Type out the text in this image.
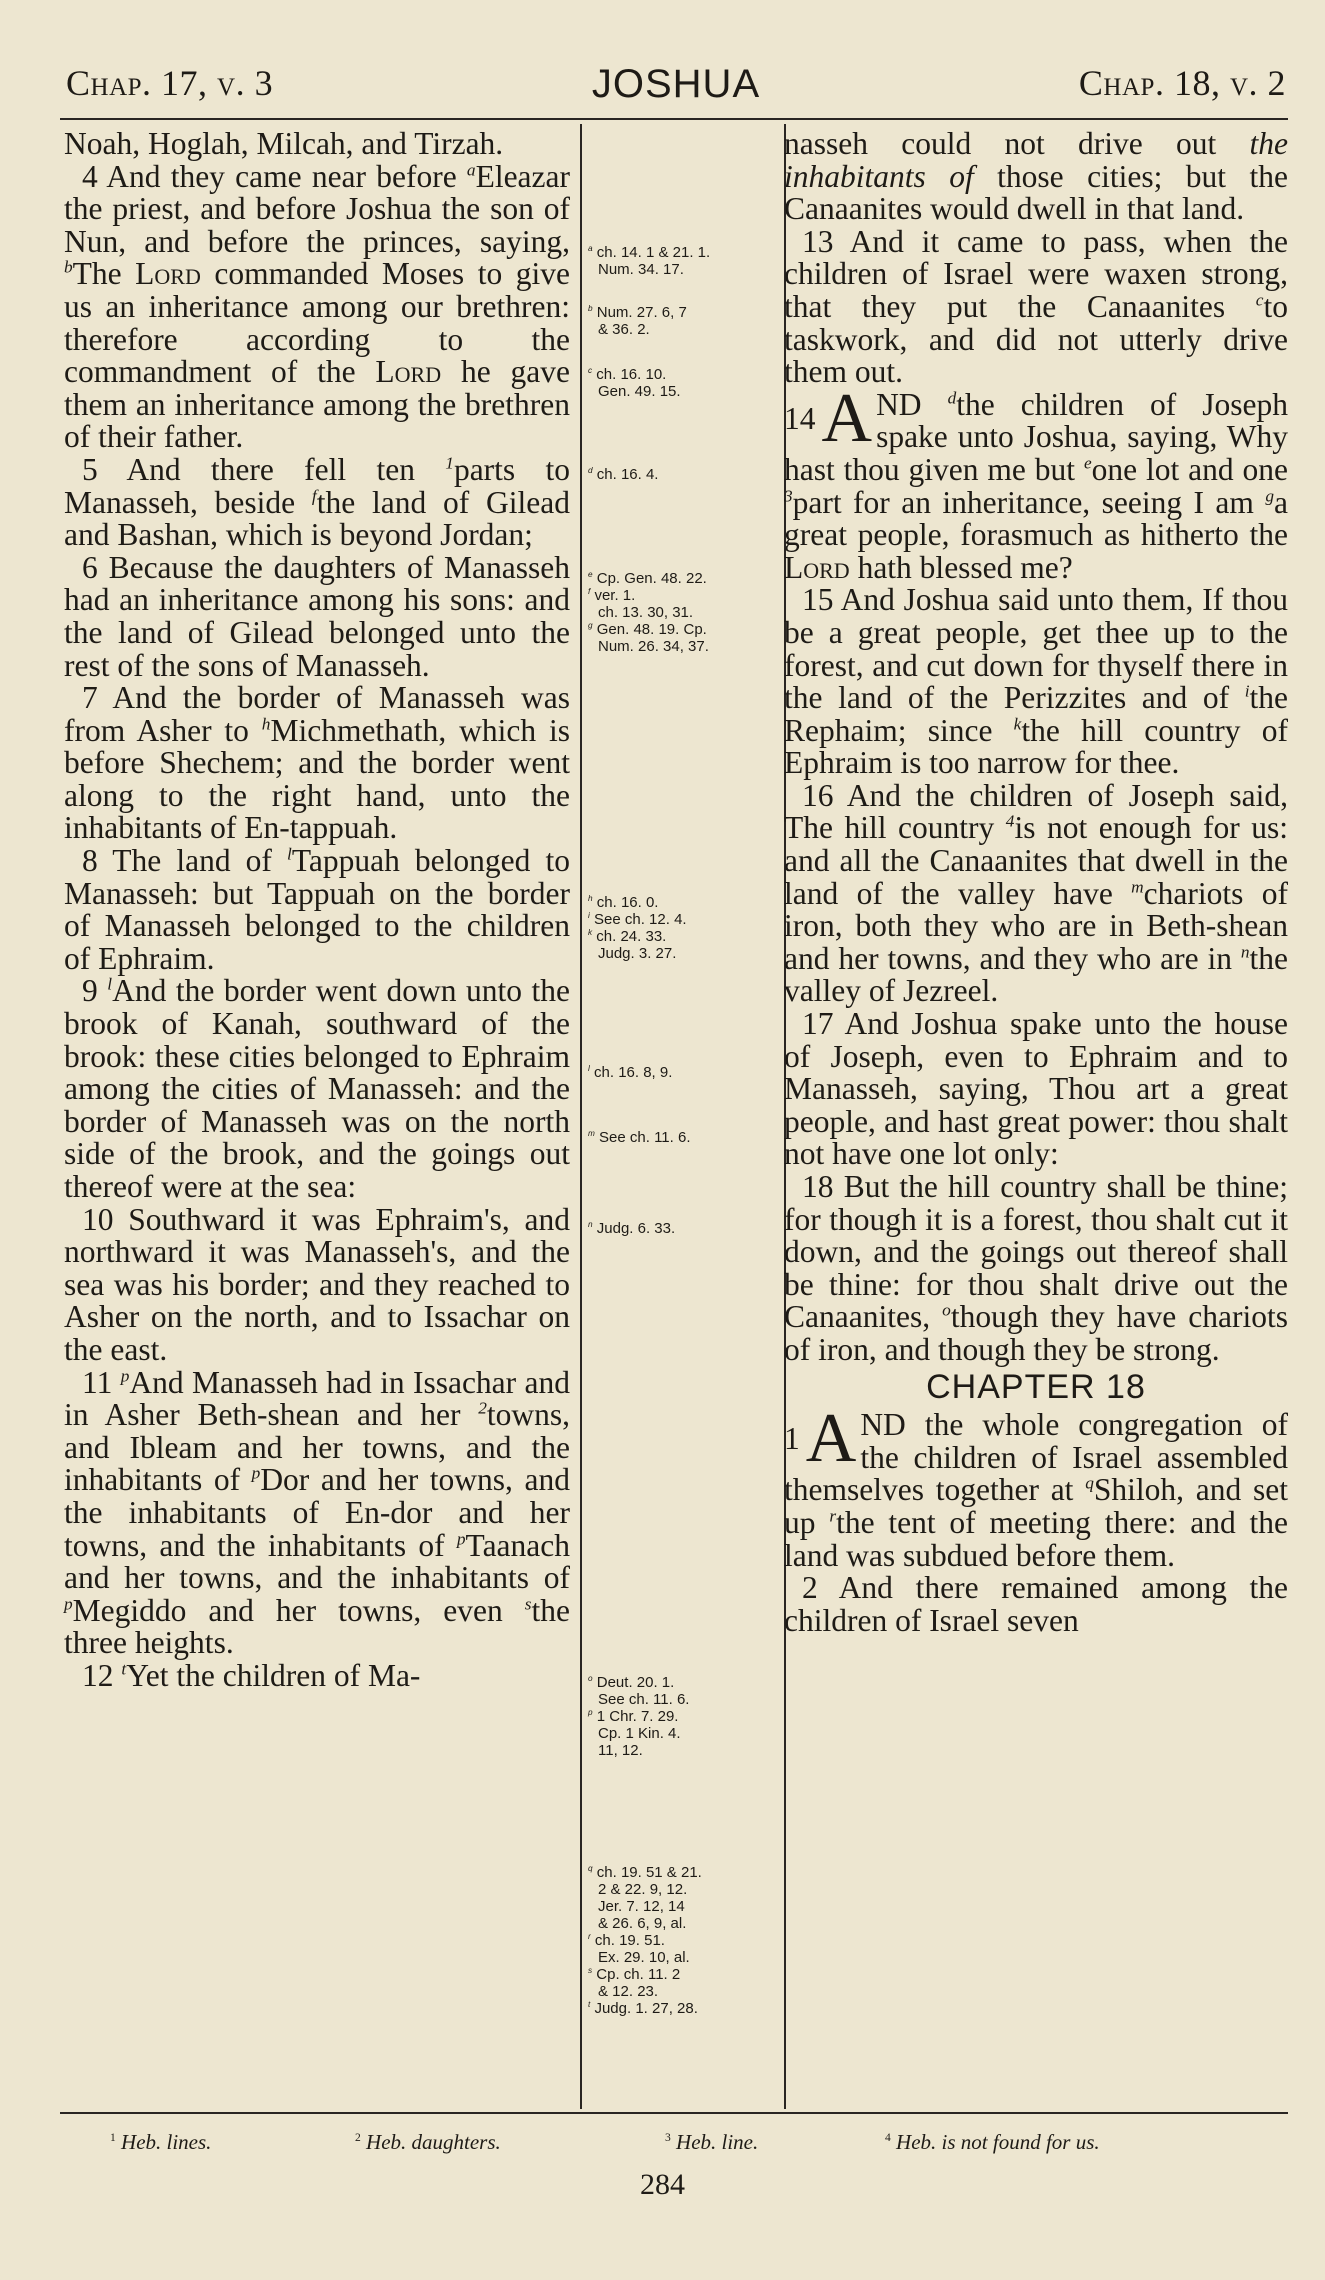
Chap. 17, v. 3	JOSHUA	Chap. 18, v. 2

Noah, Hoglah, Milcah, and Tirzah.

4 And they came near before $^a$Eleazar the priest, and before Joshua the son of Nun, and before the princes, saying, $^b$The Lord commanded Moses to give us an inheritance among our brethren: therefore according to the commandment of the Lord he gave them an inheritance among the brethren of their father.

5 And there fell ten $^1$parts to Manasseh, beside $^f$the land of Gilead and Bashan, which is beyond Jordan;

6 Because the daughters of Manasseh had an inheritance among his sons: and the land of Gilead belonged unto the rest of the sons of Manasseh.

7 And the border of Manasseh was from Asher to $^h$Michmethath, which is before Shechem; and the border went along to the right hand, unto the inhabitants of En-tappuah.

8 The land of $^l$Tappuah belonged to Manasseh: but Tappuah on the border of Manasseh belonged to the children of Ephraim.

9 $^l$And the border went down unto the brook of Kanah, southward of the brook: these cities belonged to Ephraim among the cities of Manasseh: and the border of Manasseh was on the north side of the brook, and the goings out thereof were at the sea:

10 Southward it was Ephraim's, and northward it was Manasseh's, and the sea was his border; and they reached to Asher on the north, and to Issachar on the east.

11 $^p$And Manasseh had in Issachar and in Asher Beth-shean and her $^2$towns, and Ibleam and her towns, and the inhabitants of $^p$Dor and her towns, and the inhabitants of En-dor and her towns, and the inhabitants of $^p$Taanach and her towns, and the inhabitants of $^p$Megiddo and her towns, even $^s$the three heights.

12 $^t$Yet the children of Ma-

nasseh could not drive out the inhabitants of those cities; but the Canaanites would dwell in that land.

13 And it came to pass, when the children of Israel were waxen strong, that they put the Canaanites $^c$to taskwork, and did not utterly drive them out.

14 A ND $^d$the children of Joseph spake unto Joshua, saying, Why hast thou given me but $^e$one lot and one $^3$part for an inheritance, seeing I am $^g$a great people, forasmuch as hitherto the Lord hath blessed me?

15 And Joshua said unto them, If thou be a great people, get thee up to the forest, and cut down for thyself there in the land of the Perizzites and of $^i$the Rephaim; since $^k$the hill country of Ephraim is too narrow for thee.

16 And the children of Joseph said, The hill country $^4$is not enough for us: and all the Canaanites that dwell in the land of the valley have $^m$chariots of iron, both they who are in Beth-shean and her towns, and they who are in $^n$the valley of Jezreel.

17 And Joshua spake unto the house of Joseph, even to Ephraim and to Manasseh, saying, Thou art a great people, and hast great power: thou shalt not have one lot only:

18 But the hill country shall be thine; for though it is a forest, thou shalt cut it down, and the goings out thereof shall be thine: for thou shalt drive out the Canaanites, $^o$though they have chariots of iron, and though they be strong.

CHAPTER 18

1 A ND the whole congregation of the children of Israel assembled themselves together at $^q$Shiloh, and set up $^r$the tent of meeting there: and the land was subdued before them.

2 And there remained among the children of Israel seven

$^a$ ch. 14. 1 & 21. 1.
Num. 34. 17.
$^b$ Num. 27. 6, 7
& 36. 2.
$^c$ ch. 16. 10.
Gen. 49. 15.
$^d$ ch. 16. 4.
$^e$ Cp. Gen. 48. 22.
$^f$ ver. 1.
ch. 13. 30, 31.
$^g$ Gen. 48. 19. Cp.
Num. 26. 34, 37.
$^h$ ch. 16. 0.
$^i$ See ch. 12. 4.
$^k$ ch. 24. 33.
Judg. 3. 27.
$^l$ ch. 16. 8, 9.
$^m$ See ch. 11. 6.
$^n$ Judg. 6. 33.
$^o$ Deut. 20. 1.
See ch. 11. 6.
$^p$ 1 Chr. 7. 29.
Cp. 1 Kin. 4.
11, 12.
$^q$ ch. 19. 51 & 21.
2 & 22. 9, 12.
Jer. 7. 12, 14
& 26. 6, 9, al.
$^r$ ch. 19. 51.
Ex. 29. 10, al.
$^s$ Cp. ch. 11. 2
& 12. 23.
$^t$ Judg. 1. 27, 28.
$^1$ Heb. lines.	$^2$ Heb. daughters.	$^3$ Heb. line.	$^4$ Heb. is not found for us.
284
